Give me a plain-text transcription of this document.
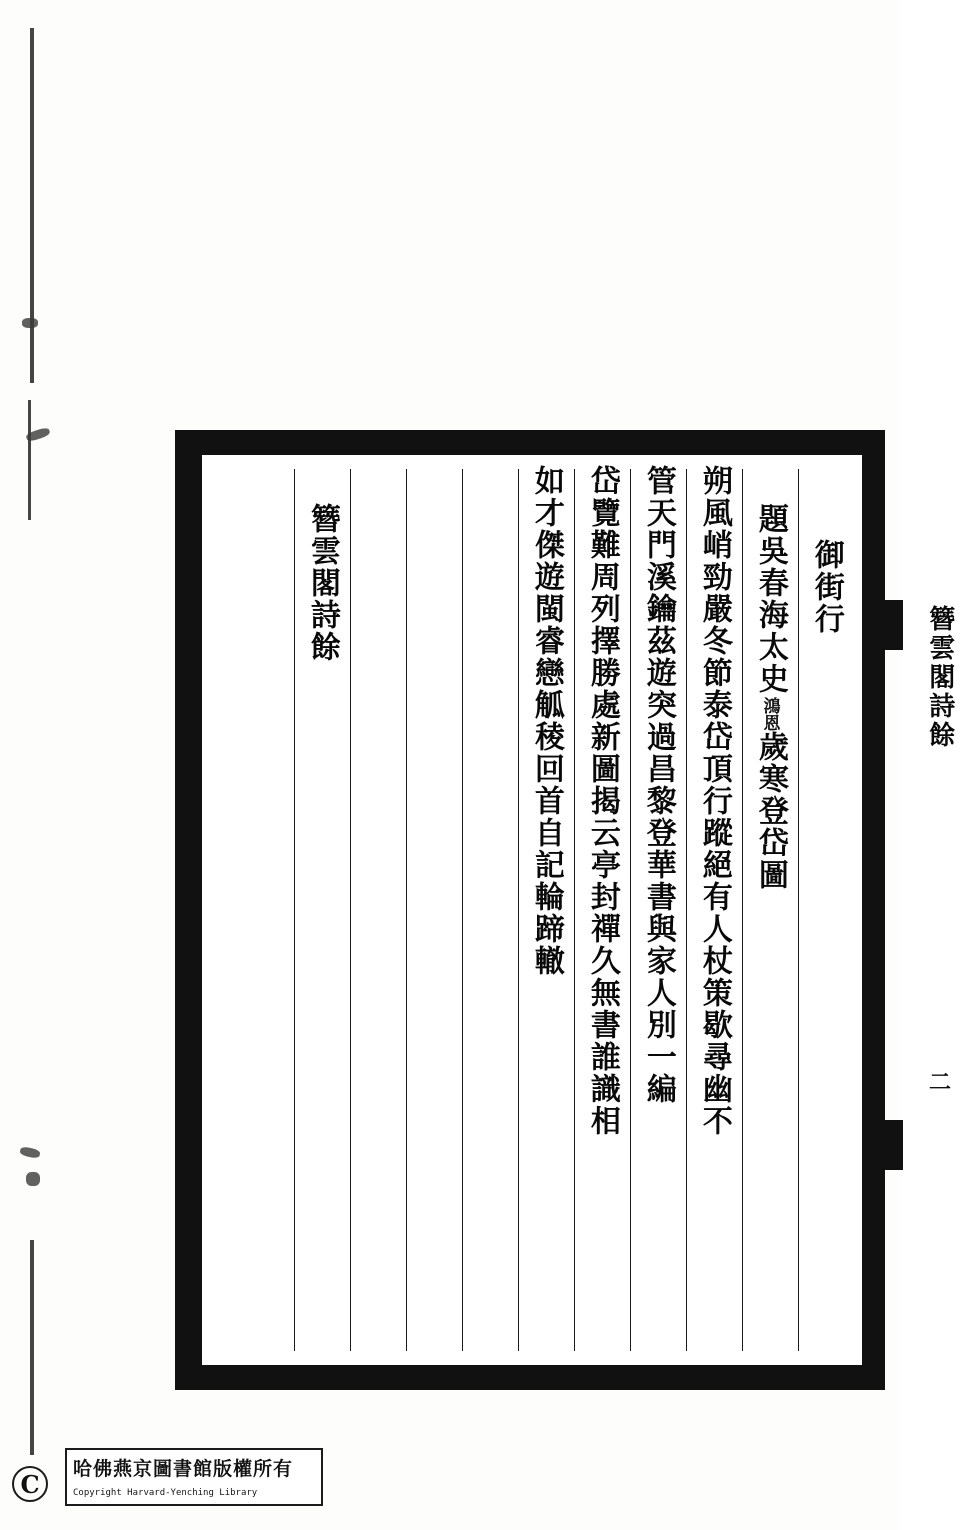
簪雲閣詩餘
二
御街行
題吳春海太史
鴻恩
歲寒登岱圖
朔風峭勁嚴冬節泰岱頂行蹤絕有人杖策歇尋幽不
管天門溪鑰茲遊突過昌黎登華書與家人別一編
岱覽難周列擇勝處新圖揭云亭封禪久無書誰識相
如才傑遊閩睿戀觚稜回首自記輪蹄轍
簪雲閣詩餘
C
哈佛燕京圖書館版權所有
Copyright Harvard-Yenching Library
